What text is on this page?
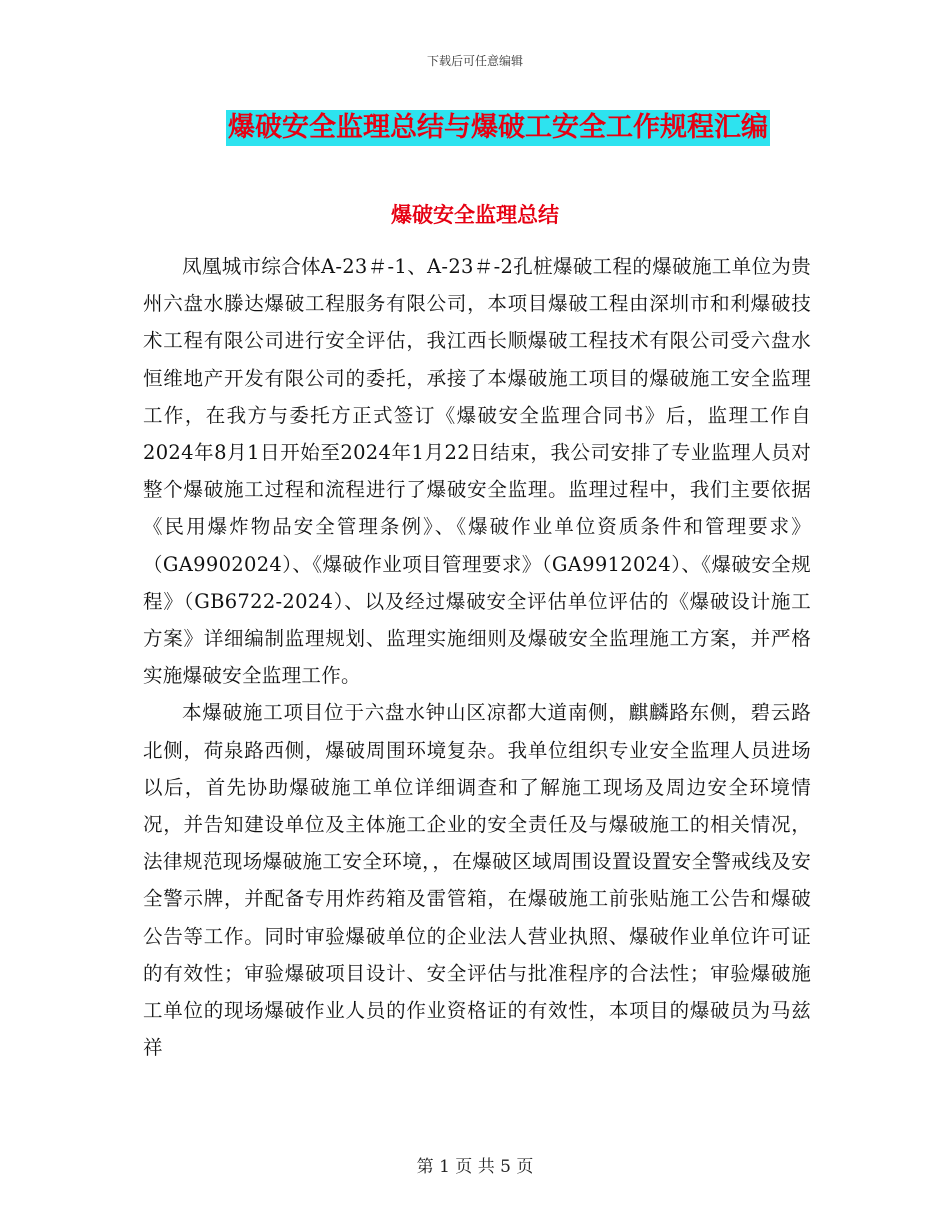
下载后可任意编辑
爆破安全监理总结与爆破工安全工作规程汇编
爆破安全监理总结

凤凰城市综合体A-23＃-1、A-23＃-2孔桩爆破工程的爆破施工单位为贵州六盘水滕达爆破工程服务有限公司，本项目爆破工程由深圳市和利爆破技术工程有限公司进行安全评估，我江西长顺爆破工程技术有限公司受六盘水恒维地产开发有限公司的委托，承接了本爆破施工项目的爆破施工安全监理工作，在我方与委托方正式签订《爆破安全监理合同书》后，监理工作自2024年8月1日开始至2024年1月22日结束，我公司安排了专业监理人员对整个爆破施工过程和流程进行了爆破安全监理。监理过程中，我们主要依据《民用爆炸物品安全管理条例》、《爆破作业单位资质条件和管理要求》（GA9902024）、《爆破作业项目管理要求》（GA9912024）、《爆破安全规程》（GB6722-2024）、以及经过爆破安全评估单位评估的《爆破设计施工方案》详细编制监理规划、监理实施细则及爆破安全监理施工方案，并严格实施爆破安全监理工作。

本爆破施工项目位于六盘水钟山区凉都大道南侧，麒麟路东侧，碧云路北侧，荷泉路西侧，爆破周围环境复杂。我单位组织专业安全监理人员进场以后，首先协助爆破施工单位详细调查和了解施工现场及周边安全环境情况，并告知建设单位及主体施工企业的安全责任及与爆破施工的相关情况，法律规范现场爆破施工安全环境，，在爆破区域周围设置设置安全警戒线及安全警示牌，并配备专用炸药箱及雷管箱，在爆破施工前张贴施工公告和爆破公告等工作。同时审验爆破单位的企业法人营业执照、爆破作业单位许可证的有效性；审验爆破项目设计、安全评估与批准程序的合法性；审验爆破施工单位的现场爆破作业人员的作业资格证的有效性，本项目的爆破员为马兹祥

第 1 页 共 5 页
